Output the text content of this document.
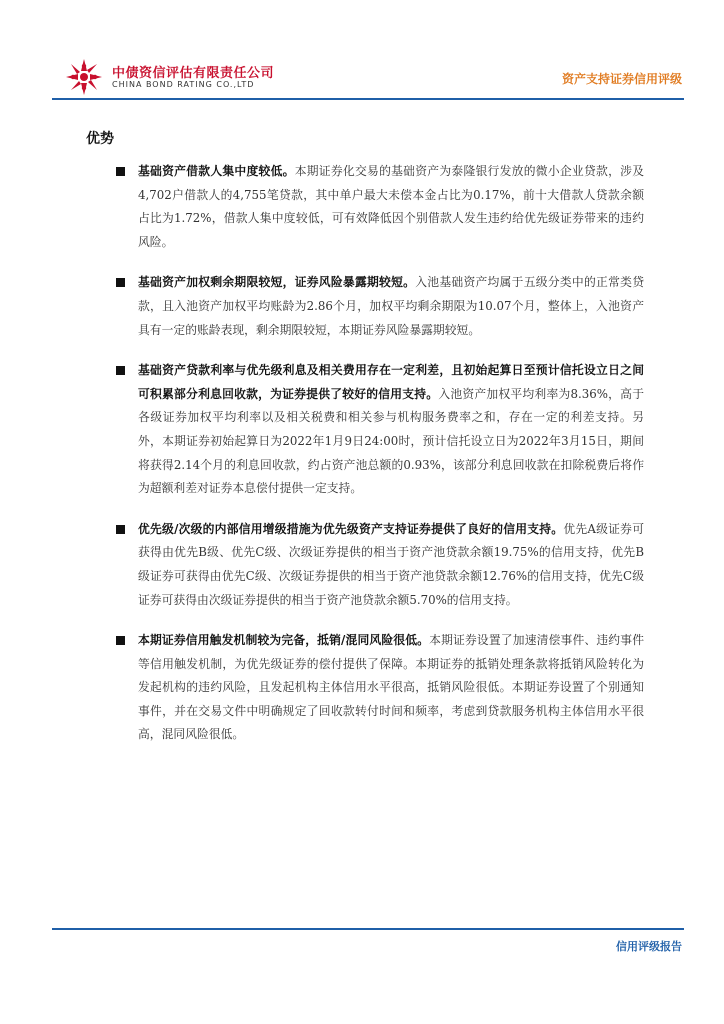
中债资信评估有限责任公司
CHINA BOND RATING CO.,LTD	资产支持证券信用评级
优势
基础资产借款人集中度较低。本期证券化交易的基础资产为泰隆银行发放的微小企业贷款，涉及4,702户借款人的4,755笔贷款，其中单户最大未偿本金占比为0.17%，前十大借款人贷款余额占比为1.72%，借款人集中度较低，可有效降低因个别借款人发生违约给优先级证券带来的违约风险。
基础资产加权剩余期限较短，证券风险暴露期较短。入池基础资产均属于五级分类中的正常类贷款，且入池资产加权平均账龄为2.86个月，加权平均剩余期限为10.07个月，整体上，入池资产具有一定的账龄表现，剩余期限较短，本期证券风险暴露期较短。
基础资产贷款利率与优先级利息及相关费用存在一定利差，且初始起算日至预计信托设立日之间可积累部分利息回收款，为证券提供了较好的信用支持。入池资产加权平均利率为8.36%，高于各级证券加权平均利率以及相关税费和相关参与机构服务费率之和，存在一定的利差支持。另外，本期证券初始起算日为2022年1月9日24:00时，预计信托设立日为2022年3月15日，期间将获得2.14个月的利息回收款，约占资产池总额的0.93%，该部分利息回收款在扣除税费后将作为超额利差对证券本息偿付提供一定支持。
优先级/次级的内部信用增级措施为优先级资产支持证券提供了良好的信用支持。优先A级证券可获得由优先B级、优先C级、次级证券提供的相当于资产池贷款余额19.75%的信用支持，优先B级证券可获得由优先C级、次级证券提供的相当于资产池贷款余额12.76%的信用支持，优先C级证券可获得由次级证券提供的相当于资产池贷款余额5.70%的信用支持。
本期证券信用触发机制较为完备，抵销/混同风险很低。本期证券设置了加速清偿事件、违约事件等信用触发机制，为优先级证券的偿付提供了保障。本期证券的抵销处理条款将抵销风险转化为发起机构的违约风险，且发起机构主体信用水平很高，抵销风险很低。本期证券设置了个别通知事件，并在交易文件中明确规定了回收款转付时间和频率，考虑到贷款服务机构主体信用水平很高，混同风险很低。
信用评级报告
